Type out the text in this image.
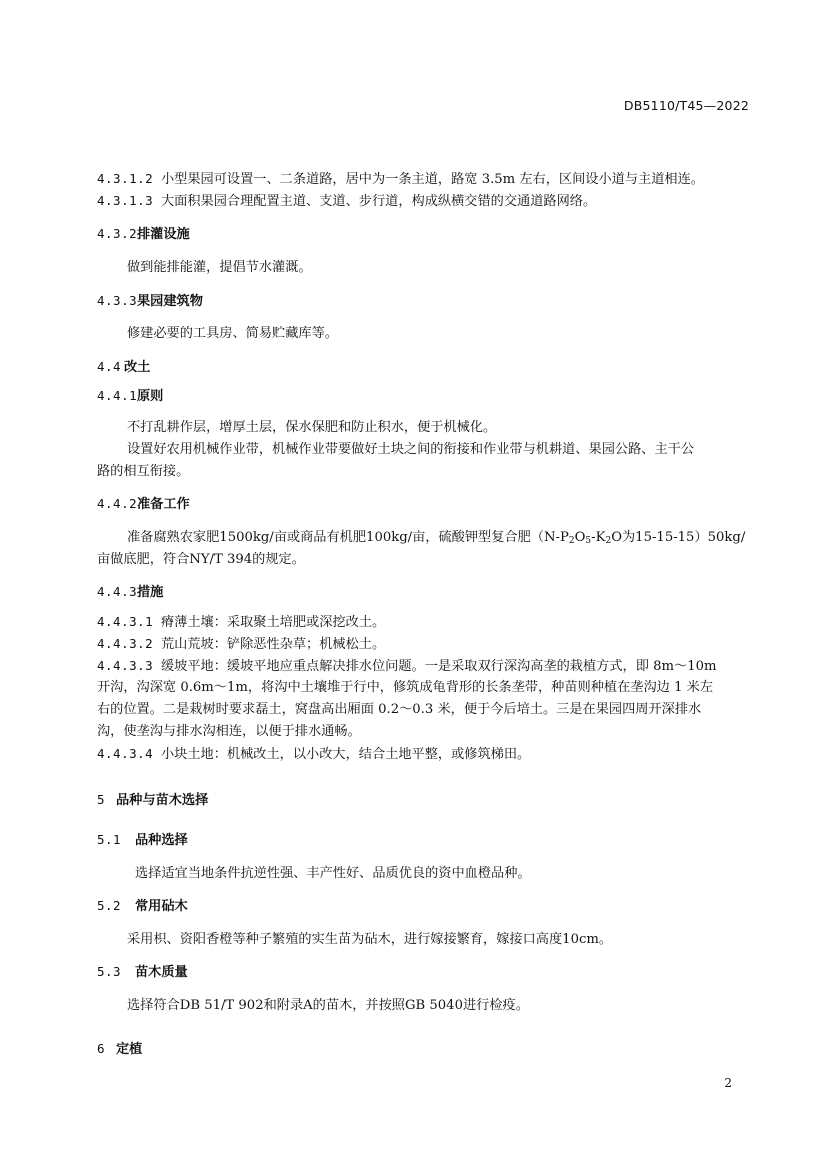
DB5110/T45—2022
4.3.1.2 小型果园可设置一、二条道路，居中为一条主道，路宽 3.5m 左右，区间设小道与主道相连。
4.3.1.3 大面积果园合理配置主道、支道、步行道，构成纵横交错的交通道路网络。
4.3.2排灌设施
做到能排能灌，提倡节水灌溉。
4.3.3果园建筑物
修建必要的工具房、简易贮藏库等。
4.4 改土
4.4.1原则
不打乱耕作层，增厚土层，保水保肥和防止积水，便于机械化。
设置好农用机械作业带，机械作业带要做好土块之间的衔接和作业带与机耕道、果园公路、主干公
路的相互衔接。
4.4.2准备工作
准备腐熟农家肥1500kg/亩或商品有机肥100kg/亩，硫酸钾型复合肥（$N-P_2O_5-K_2O$为15-15-15）50kg/
亩做底肥，符合NY/T 394的规定。
4.4.3措施
4.4.3.1 瘠薄土壤：采取聚土培肥或深挖改土。
4.4.3.2 荒山荒坡：铲除恶性杂草；机械松土。
4.4.3.3 缓坡平地：缓坡平地应重点解决排水位问题。一是采取双行深沟高垄的栽植方式，即 8m～10m
开沟，沟深宽 0.6m～1m，将沟中土壤堆于行中，修筑成龟背形的长条垄带，种苗则种植在垄沟边 1 米左
右的位置。二是栽树时要求磊土，窝盘高出厢面 0.2～0.3 米，便于今后培土。三是在果园四周开深排水
沟，使垄沟与排水沟相连，以便于排水通畅。
4.4.3.4 小块土地：机械改土，以小改大，结合土地平整，或修筑梯田。
5 品种与苗木选择
5.1 品种选择
选择适宜当地条件抗逆性强、丰产性好、品质优良的资中血橙品种。
5.2 常用砧木
采用枳、资阳香橙等种子繁殖的实生苗为砧木，进行嫁接繁育，嫁接口高度10cm。
5.3 苗木质量
选择符合DB 51/T 902和附录A的苗木，并按照GB 5040进行检疫。
6 定植
2
